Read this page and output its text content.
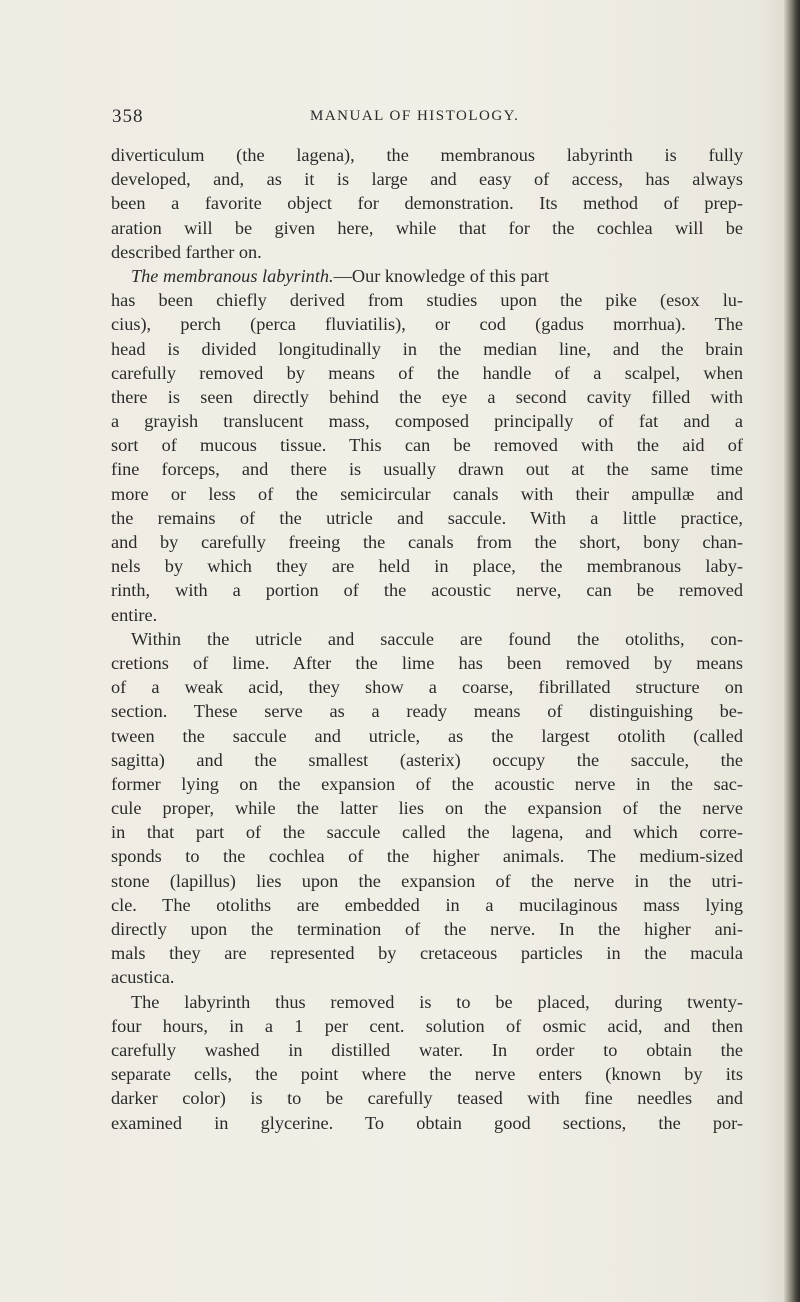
358	MANUAL OF HISTOLOGY.
diverticulum (the lagena), the membranous labyrinth is fully
developed, and, as it is large and easy of access, has always
been a favorite object for demonstration. Its method of prep-
aration will be given here, while that for the cochlea will be
described farther on.
The membranous labyrinth.—Our knowledge of this part
has been chiefly derived from studies upon the pike (esox lu-
cius), perch (perca fluviatilis), or cod (gadus morrhua). The
head is divided longitudinally in the median line, and the brain
carefully removed by means of the handle of a scalpel, when
there is seen directly behind the eye a second cavity filled with
a grayish translucent mass, composed principally of fat and a
sort of mucous tissue. This can be removed with the aid of
fine forceps, and there is usually drawn out at the same time
more or less of the semicircular canals with their ampullæ and
the remains of the utricle and saccule. With a little practice,
and by carefully freeing the canals from the short, bony chan-
nels by which they are held in place, the membranous laby-
rinth, with a portion of the acoustic nerve, can be removed
entire.
Within the utricle and saccule are found the otoliths, con-
cretions of lime. After the lime has been removed by means
of a weak acid, they show a coarse, fibrillated structure on
section. These serve as a ready means of distinguishing be-
tween the saccule and utricle, as the largest otolith (called
sagitta) and the smallest (asterix) occupy the saccule, the
former lying on the expansion of the acoustic nerve in the sac-
cule proper, while the latter lies on the expansion of the nerve
in that part of the saccule called the lagena, and which corre-
sponds to the cochlea of the higher animals. The medium-sized
stone (lapillus) lies upon the expansion of the nerve in the utri-
cle. The otoliths are embedded in a mucilaginous mass lying
directly upon the termination of the nerve. In the higher ani-
mals they are represented by cretaceous particles in the macula
acustica.
The labyrinth thus removed is to be placed, during twenty-
four hours, in a 1 per cent. solution of osmic acid, and then
carefully washed in distilled water. In order to obtain the
separate cells, the point where the nerve enters (known by its
darker color) is to be carefully teased with fine needles and
examined in glycerine. To obtain good sections, the por-
